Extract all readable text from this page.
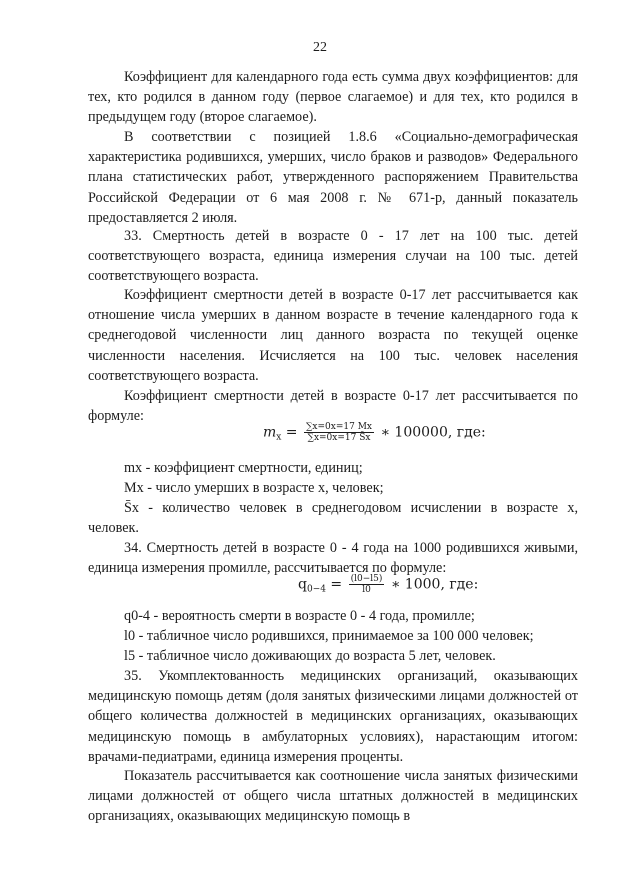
22

Коэффициент для календарного года есть сумма двух коэффициентов: для тех, кто родился в данном году (первое слагаемое) и для тех, кто родился в предыдущем году (второе слагаемое).

В соответствии с позицией 1.8.6 «Социально-демографическая характеристика родившихся, умерших, число браков и разводов» Федерального плана статистических работ, утвержденного распоряжением Правительства Российской Федерации от 6 мая 2008 г. № 671-р, данный показатель предоставляется 2 июля.

33. Смертность детей в возрасте 0 - 17 лет на 100 тыс. детей соответствующего возраста, единица измерения случаи на 100 тыс. детей соответствующего возраста.

Коэффициент смертности детей в возрасте 0-17 лет рассчитывается как отношение числа умерших в данном возрасте в течение календарного года к среднегодовой численности лиц данного возраста по текущей оценке численности населения. Исчисляется на 100 тыс. человек населения соответствующего возраста.

Коэффициент смертности детей в возрасте 0-17 лет рассчитывается по формуле:

$m_x = \frac{\sum x=0x=17 Mx}{\sum x=0x=17 S̄x}$ ∗ 100000, где:

mx - коэффициент смертности, единиц;

Mx - число умерших в возрасте x, человек;

S̄x - количество человек в среднегодовом исчислении в возрасте х, человек.

34. Смертность детей в возрасте 0 - 4 года на 1000 родившихся живыми, единица измерения промилле, рассчитывается по формуле:

$q_{0-4} = \frac{(l0-l5)}{l0}$ ∗ 1000, где:

q0-4 - вероятность смерти в возрасте 0 - 4 года, промилле;

l0 - табличное число родившихся, принимаемое за 100 000 человек;

l5 - табличное число доживающих до возраста 5 лет, человек.

35. Укомплектованность медицинских организаций, оказывающих медицинскую помощь детям (доля занятых физическими лицами должностей от общего количества должностей в медицинских организациях, оказывающих медицинскую помощь в амбулаторных условиях), нарастающим итогом: врачами-педиатрами, единица измерения проценты.

Показатель рассчитывается как соотношение числа занятых физическими лицами должностей от общего числа штатных должностей в медицинских организациях, оказывающих медицинскую помощь в
